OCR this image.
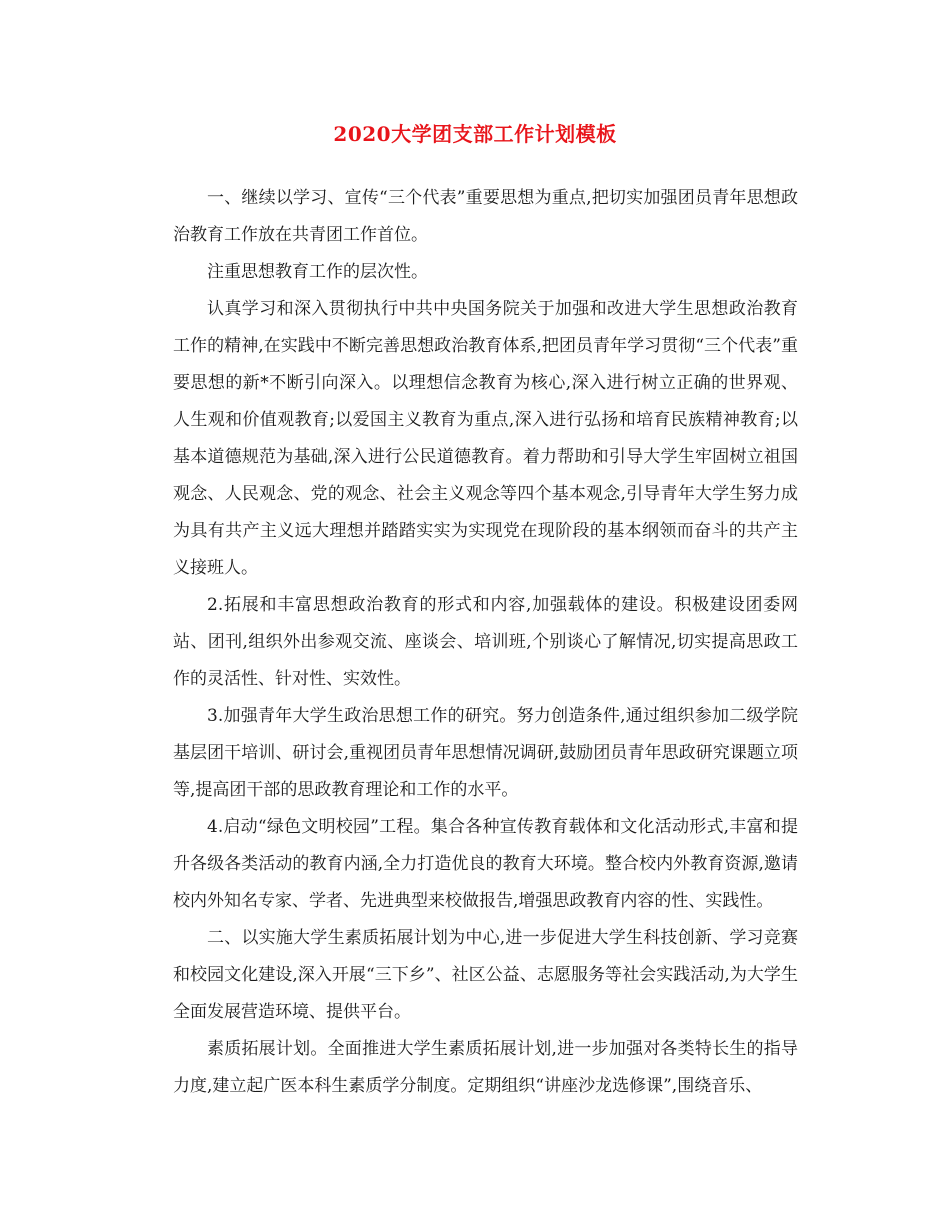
2020大学团支部工作计划模板

一、继续以学习、宣传“三个代表”重要思想为重点,把切实加强团员青年思想政治教育工作放在共青团工作首位。

注重思想教育工作的层次性。

认真学习和深入贯彻执行中共中央国务院关于加强和改进大学生思想政治教育工作的精神,在实践中不断完善思想政治教育体系,把团员青年学习贯彻“三个代表”重要思想的新*不断引向深入。以理想信念教育为核心,深入进行树立正确的世界观、人生观和价值观教育;以爱国主义教育为重点,深入进行弘扬和培育民族精神教育;以基本道德规范为基础,深入进行公民道德教育。着力帮助和引导大学生牢固树立祖国观念、人民观念、党的观念、社会主义观念等四个基本观念,引导青年大学生努力成为具有共产主义远大理想并踏踏实实为实现党在现阶段的基本纲领而奋斗的共产主义接班人。

2.拓展和丰富思想政治教育的形式和内容,加强载体的建设。积极建设团委网站、团刊,组织外出参观交流、座谈会、培训班,个别谈心了解情况,切实提高思政工作的灵活性、针对性、实效性。

3.加强青年大学生政治思想工作的研究。努力创造条件,通过组织参加二级学院基层团干培训、研讨会,重视团员青年思想情况调研,鼓励团员青年思政研究课题立项等,提高团干部的思政教育理论和工作的水平。

4.启动“绿色文明校园”工程。集合各种宣传教育载体和文化活动形式,丰富和提升各级各类活动的教育内涵,全力打造优良的教育大环境。整合校内外教育资源,邀请校内外知名专家、学者、先进典型来校做报告,增强思政教育内容的性、实践性。

二、以实施大学生素质拓展计划为中心,进一步促进大学生科技创新、学习竞赛和校园文化建设,深入开展“三下乡”、社区公益、志愿服务等社会实践活动,为大学生全面发展营造环境、提供平台。

素质拓展计划。全面推进大学生素质拓展计划,进一步加强对各类特长生的指导力度,建立起广医本科生素质学分制度。定期组织“讲座沙龙选修课”,围绕音乐、
